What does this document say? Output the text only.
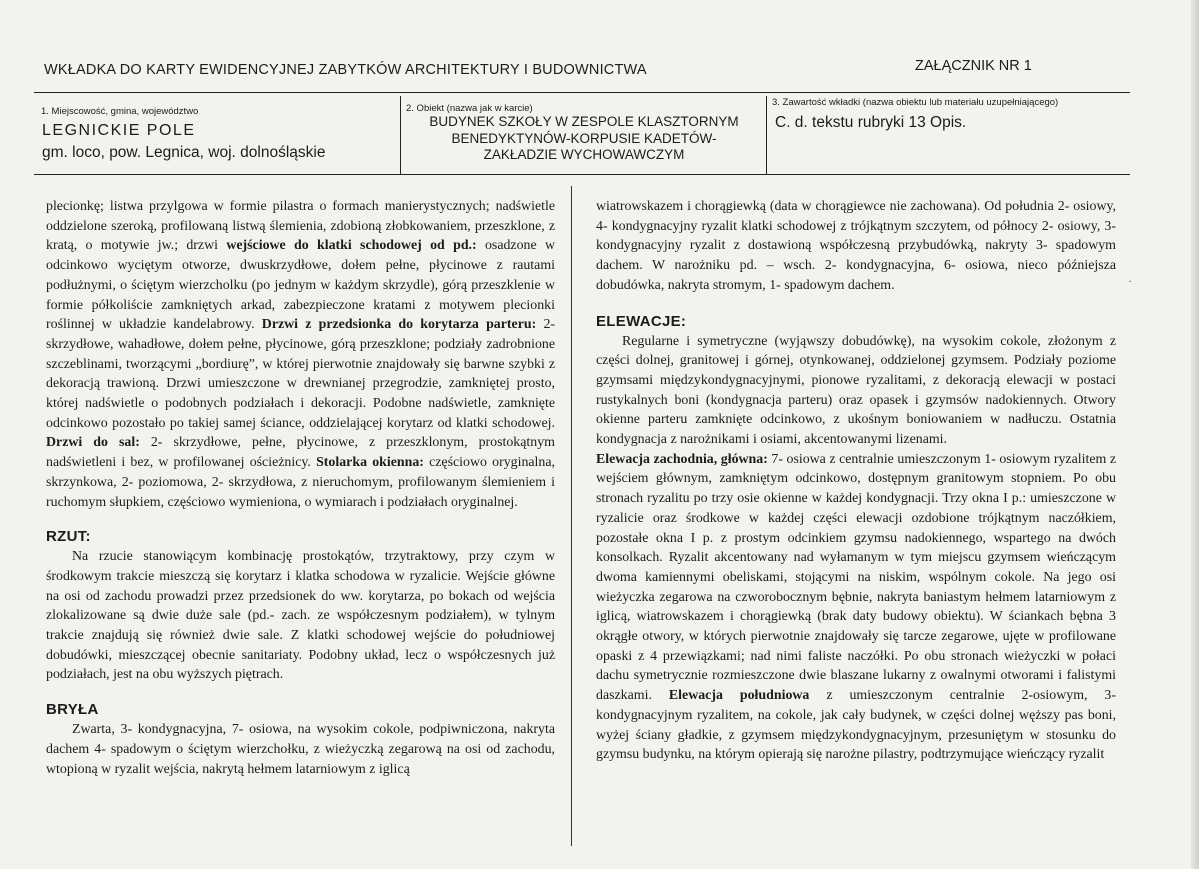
WKŁADKA DO KARTY EWIDENCYJNEJ ZABYTKÓW ARCHITEKTURY I BUDOWNICTWA	ZAŁĄCZNIK NR 1
1. Miejscowość, gmina, województwo
LEGNICKIE POLE
gm. loco, pow. Legnica, woj. dolnośląskie
2. Obiekt (nazwa jak w karcie)
BUDYNEK SZKOŁY W ZESPOLE KLASZTORNYM
BENEDYKTYNÓW-KORPUSIE KADETÓW-
ZAKŁADZIE WYCHOWAWCZYM
3. Zawartość wkładki (nazwa obiektu lub materiału uzupełniającego)
C. d. tekstu rubryki 13 Opis.

plecionkę; listwa przylgowa w formie pilastra o formach manierystycznych; nadświetle oddzielone szeroką, profilowaną listwą ślemienia, zdobioną złobkowaniem, przeszklone, z kratą, o motywie jw.; drzwi wejściowe do klatki schodowej od pd.: osadzone w odcinkowo wyciętym otworze, dwuskrzydłowe, dołem pełne, płycinowe z rautami podłużnymi, o ściętym wierzcholku (po jednym w każdym skrzydle), górą przeszklenie w formie półkoliście zamkniętych arkad, zabezpieczone kratami z motywem plecionki roślinnej w układzie kandelabrowy. Drzwi z przedsionka do korytarza parteru: 2- skrzydłowe, wahadłowe, dołem pełne, płycinowe, górą przeszklone; podziały zadrobnione szczeblinami, tworzącymi „bordiurę”, w której pierwotnie znajdowały się barwne szybki z dekoracją trawioną. Drzwi umieszczone w drewnianej przegrodzie, zamkniętej prosto, której nadświetle o podobnych podziałach i dekoracji. Podobne nadświetle, zamknięte odcinkowo pozostało po takiej samej ściance, oddzielającej korytarz od klatki schodowej. Drzwi do sal: 2- skrzydłowe, pełne, płycinowe, z przeszklonym, prostokątnym nadświetleni i bez, w profilowanej ościeżnicy. Stolarka okienna: częściowo oryginalna, skrzynkowa, 2- poziomowa, 2- skrzydłowa, z nieruchomym, profilowanym ślemieniem i ruchomym słupkiem, częściowo wymieniona, o wymiarach i podziałach oryginalnej.

RZUT:

Na rzucie stanowiącym kombinację prostokątów, trzytraktowy, przy czym w środkowym trakcie mieszczą się korytarz i klatka schodowa w ryzalicie. Wejście główne na osi od zachodu prowadzi przez przedsionek do ww. korytarza, po bokach od wejścia zlokalizowane są dwie duże sale (pd.- zach. ze współczesnym podziałem), w tylnym trakcie znajdują się również dwie sale. Z klatki schodowej wejście do południowej dobudówki, mieszczącej obecnie sanitariaty. Podobny układ, lecz o współczesnych już podziałach, jest na obu wyższych piętrach.

BRYŁA

Zwarta, 3- kondygnacyjna, 7- osiowa, na wysokim cokole, podpiwniczona, nakryta dachem 4- spadowym o ściętym wierzchołku, z wieżyczką zegarową na osi od zachodu, wtopioną w ryzalit wejścia, nakrytą hełmem latarniowym z iglicą

wiatrowskazem i chorągiewką (data w chorągiewce nie zachowana). Od południa 2- osiowy, 4- kondygnacyjny ryzalit klatki schodowej z trójkątnym szczytem, od północy 2- osiowy, 3- kondygnacyjny ryzalit z dostawioną współczesną przybudówką, nakryty 3- spadowym dachem. W narożniku pd. – wsch. 2- kondygnacyjna, 6- osiowa, nieco późniejsza dobudówka, nakryta stromym, 1- spadowym dachem.

ELEWACJE:

Regularne i symetryczne (wyjąwszy dobudówkę), na wysokim cokole, złożonym z części dolnej, granitowej i górnej, otynkowanej, oddzielonej gzymsem. Podziały poziome gzymsami międzykondygnacyjnymi, pionowe ryzalitami, z dekoracją elewacji w postaci rustykalnych boni (kondygnacja parteru) oraz opasek i gzymsów nadokiennych. Otwory okienne parteru zamknięte odcinkowo, z ukośnym boniowaniem w nadłuczu. Ostatnia kondygnacja z narożnikami i osiami, akcentowanymi lizenami.

Elewacja zachodnia, główna: 7- osiowa z centralnie umieszczonym 1- osiowym ryzalitem z wejściem głównym, zamkniętym odcinkowo, dostępnym granitowym stopniem. Po obu stronach ryzalitu po trzy osie okienne w każdej kondygnacji. Trzy okna I p.: umieszczone w ryzalicie oraz środkowe w każdej części elewacji ozdobione trójkątnym naczółkiem, pozostałe okna I p. z prostym odcinkiem gzymsu nadokiennego, wspartego na dwóch konsolkach. Ryzalit akcentowany nad wyłamanym w tym miejscu gzymsem wieńczącym dwoma kamiennymi obeliskami, stojącymi na niskim, wspólnym cokole. Na jego osi wieżyczka zegarowa na czworobocznym bębnie, nakryta baniastym hełmem latarniowym z iglicą, wiatrowskazem i chorągiewką (brak daty budowy obiektu). W ściankach bębna 3 okrągłe otwory, w których pierwotnie znajdowały się tarcze zegarowe, ujęte w profilowane opaski z 4 przewiązkami; nad nimi faliste naczółki. Po obu stronach wieżyczki w połaci dachu symetrycznie rozmieszczone dwie blaszane lukarny z owalnymi otworami i falistymi daszkami. Elewacja południowa z umieszczonym centralnie 2-osiowym, 3- kondygnacyjnym ryzalitem, na cokole, jak cały budynek, w części dolnej węższy pas boni, wyżej ściany gładkie, z gzymsem międzykondygnacyjnym, przesuniętym w stosunku do gzymsu budynku, na którym opierają się narożne pilastry, podtrzymujące wieńczący ryzalit

·
